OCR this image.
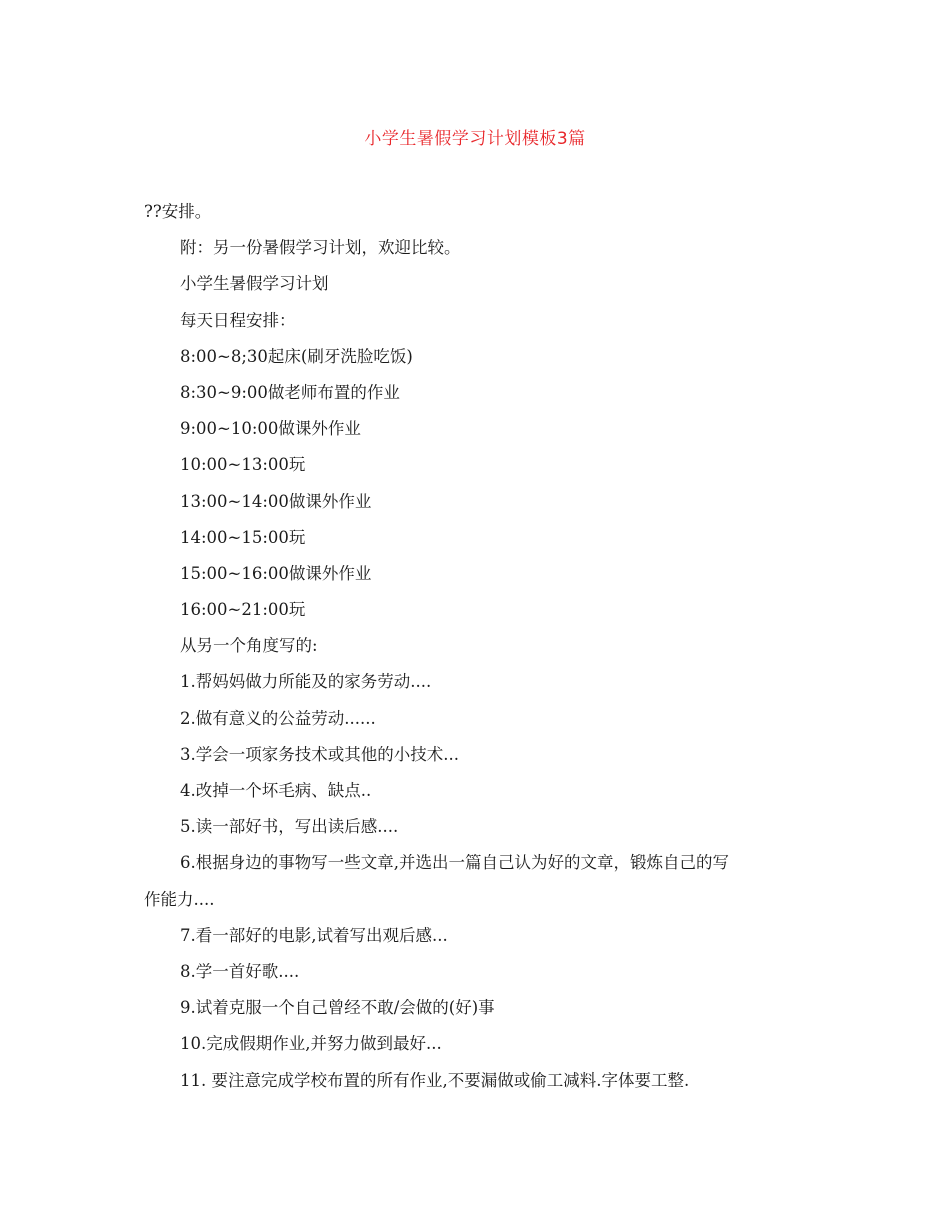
小学生暑假学习计划模板3篇
??安排。
附：另一份暑假学习计划，欢迎比较。
小学生暑假学习计划
每天日程安排：
8:00~8;30起床(刷牙洗脸吃饭)
8:30~9:00做老师布置的作业
9:00~10:00做课外作业
10:00~13:00玩
13:00~14:00做课外作业
14:00~15:00玩
15:00~16:00做课外作业
16:00~21:00玩
从另一个角度写的:
1.帮妈妈做力所能及的家务劳动....
2.做有意义的公益劳动......
3.学会一项家务技术或其他的小技术...
4.改掉一个坏毛病、缺点..
5.读一部好书，写出读后感....
6.根据身边的事物写一些文章,并选出一篇自己认为好的文章，锻炼自己的写
作能力....
7.看一部好的电影,试着写出观后感...
8.学一首好歌....
9.试着克服一个自己曾经不敢/会做的(好)事
10.完成假期作业,并努力做到最好...
11. 要注意完成学校布置的所有作业,不要漏做或偷工减料.字体要工整.
